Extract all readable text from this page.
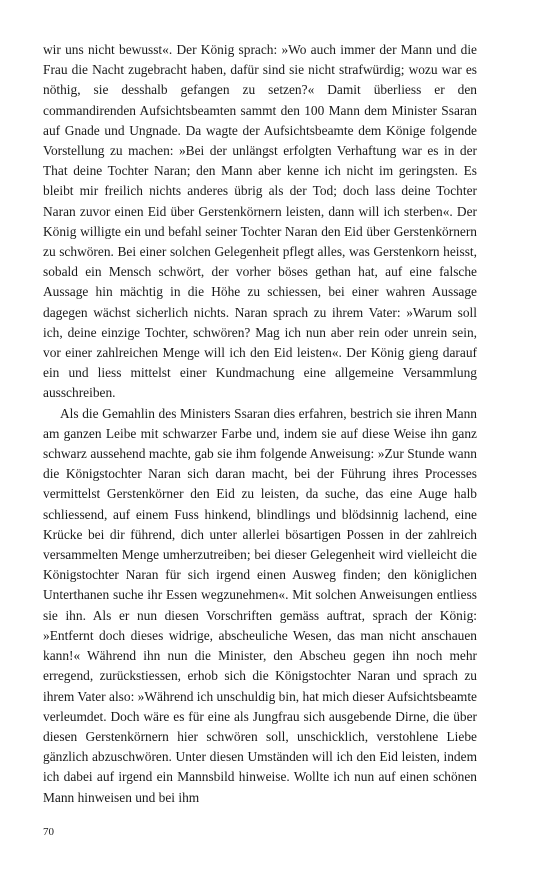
wir uns nicht bewusst«. Der König sprach: »Wo auch immer der Mann und die Frau die Nacht zugebracht haben, dafür sind sie nicht strafwürdig; wozu war es nöthig, sie desshalb gefangen zu setzen?« Damit überliess er den commandirenden Aufsichtsbeamten sammt den 100 Mann dem Minister Ssaran auf Gnade und Ungnade. Da wagte der Aufsichtsbeamte dem Könige folgende Vorstellung zu machen: »Bei der unlängst erfolgten Verhaftung war es in der That deine Tochter Naran; den Mann aber kenne ich nicht im geringsten. Es bleibt mir freilich nichts anderes übrig als der Tod; doch lass deine Tochter Naran zuvor einen Eid über Gerstenkörnern leisten, dann will ich sterben«. Der König willigte ein und befahl seiner Tochter Naran den Eid über Gerstenkörnern zu schwören. Bei einer solchen Gelegenheit pflegt alles, was Gerstenkorn heisst, sobald ein Mensch schwört, der vorher böses gethan hat, auf eine falsche Aussage hin mächtig in die Höhe zu schiessen, bei einer wahren Aussage dagegen wächst sicherlich nichts. Naran sprach zu ihrem Vater: »Warum soll ich, deine einzige Tochter, schwören? Mag ich nun aber rein oder unrein sein, vor einer zahlreichen Menge will ich den Eid leisten«. Der König gieng darauf ein und liess mittelst einer Kundmachung eine allgemeine Versammlung ausschreiben.

Als die Gemahlin des Ministers Ssaran dies erfahren, bestrich sie ihren Mann am ganzen Leibe mit schwarzer Farbe und, indem sie auf diese Weise ihn ganz schwarz aussehend machte, gab sie ihm folgende Anweisung: »Zur Stunde wann die Königstochter Naran sich daran macht, bei der Führung ihres Processes vermittelst Gerstenkörner den Eid zu leisten, da suche, das eine Auge halb schliessend, auf einem Fuss hinkend, blindlings und blödsinnig lachend, eine Krücke bei dir führend, dich unter allerlei bösartigen Possen in der zahlreich versammelten Menge umherzutreiben; bei dieser Gelegenheit wird vielleicht die Königstochter Naran für sich irgend einen Ausweg finden; den königlichen Unterthanen suche ihr Essen wegzunehmen«. Mit solchen Anweisungen entliess sie ihn. Als er nun diesen Vorschriften gemäss auftrat, sprach der König: »Entfernt doch dieses widrige, abscheuliche Wesen, das man nicht anschauen kann!« Während ihn nun die Minister, den Abscheu gegen ihn noch mehr erregend, zurückstiessen, erhob sich die Königstochter Naran und sprach zu ihrem Vater also: »Während ich unschuldig bin, hat mich dieser Aufsichtsbeamte verleumdet. Doch wäre es für eine als Jungfrau sich ausgebende Dirne, die über diesen Gerstenkörnern hier schwören soll, unschicklich, verstohlene Liebe gänzlich abzuschwören. Unter diesen Umständen will ich den Eid leisten, indem ich dabei auf irgend ein Mannsbild hinweise. Wollte ich nun auf einen schönen Mann hinweisen und bei ihm

70
